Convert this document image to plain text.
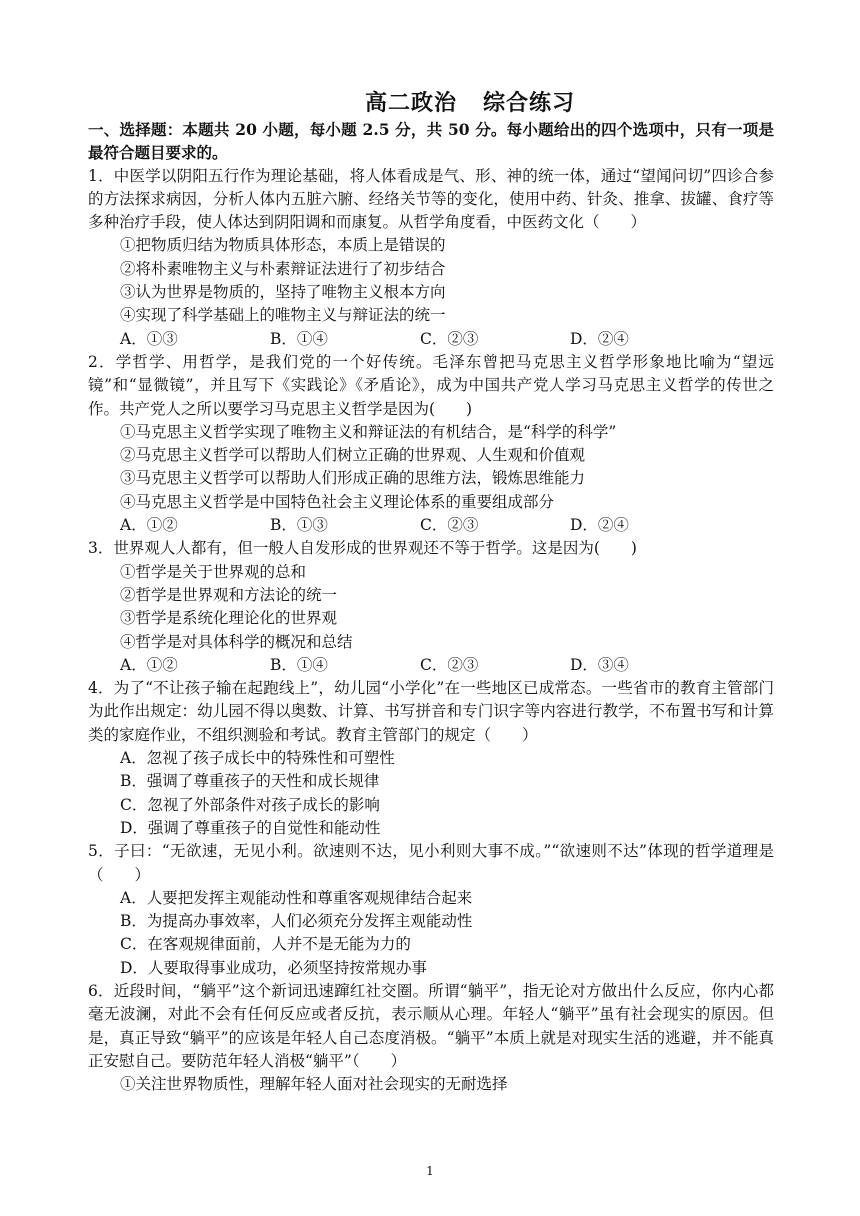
高二政治 综合练习
一、选择题：本题共 20 小题，每小题 2.5 分，共 50 分。每小题给出的四个选项中，只有一项是最符合题目要求的。
1．中医学以阴阳五行作为理论基础，将人体看成是气、形、神的统一体，通过“望闻问切”四诊合参的方法探求病因，分析人体内五脏六腑、经络关节等的变化，使用中药、针灸、推拿、拔罐、食疗等多种治疗手段，使人体达到阴阳调和而康复。从哲学角度看，中医药文化（　　）
①把物质归结为物质具体形态，本质上是错误的
②将朴素唯物主义与朴素辩证法进行了初步结合
③认为世界是物质的，坚持了唯物主义根本方向
④实现了科学基础上的唯物主义与辩证法的统一
A．①③	B．①④	C．②③	D．②④
2．学哲学、用哲学，是我们党的一个好传统。毛泽东曾把马克思主义哲学形象地比喻为“望远镜”和“显微镜”，并且写下《实践论》《矛盾论》，成为中国共产党人学习马克思主义哲学的传世之作。共产党人之所以要学习马克思主义哲学是因为(　　)
①马克思主义哲学实现了唯物主义和辩证法的有机结合，是“科学的科学”
②马克思主义哲学可以帮助人们树立正确的世界观、人生观和价值观
③马克思主义哲学可以帮助人们形成正确的思维方法，锻炼思维能力
④马克思主义哲学是中国特色社会主义理论体系的重要组成部分
A．①②	B．①③	C．②③	D．②④
3．世界观人人都有，但一般人自发形成的世界观还不等于哲学。这是因为(　　)
①哲学是关于世界观的总和
②哲学是世界观和方法论的统一
③哲学是系统化理论化的世界观
④哲学是对具体科学的概况和总结
A．①②	B．①④	C．②③	D．③④
4．为了“不让孩子输在起跑线上”，幼儿园“小学化”在一些地区已成常态。一些省市的教育主管部门为此作出规定：幼儿园不得以奥数、计算、书写拼音和专门识字等内容进行教学，不布置书写和计算类的家庭作业，不组织测验和考试。教育主管部门的规定（　　）
A．忽视了孩子成长中的特殊性和可塑性
B．强调了尊重孩子的天性和成长规律
C．忽视了外部条件对孩子成长的影响
D．强调了尊重孩子的自觉性和能动性
5．子曰：“无欲速，无见小利。欲速则不达，见小利则大事不成。”“欲速则不达”体现的哲学道理是（　　）
A．人要把发挥主观能动性和尊重客观规律结合起来
B．为提高办事效率，人们必须充分发挥主观能动性
C．在客观规律面前，人并不是无能为力的
D．人要取得事业成功，必须坚持按常规办事
6．近段时间，“躺平”这个新词迅速蹿红社交圈。所谓“躺平”，指无论对方做出什么反应，你内心都毫无波澜，对此不会有任何反应或者反抗，表示顺从心理。年轻人“躺平”虽有社会现实的原因。但是，真正导致“躺平”的应该是年轻人自己态度消极。“躺平”本质上就是对现实生活的逃避，并不能真正安慰自己。要防范年轻人消极“躺平”（　　）
①关注世界物质性，理解年轻人面对社会现实的无耐选择
1
